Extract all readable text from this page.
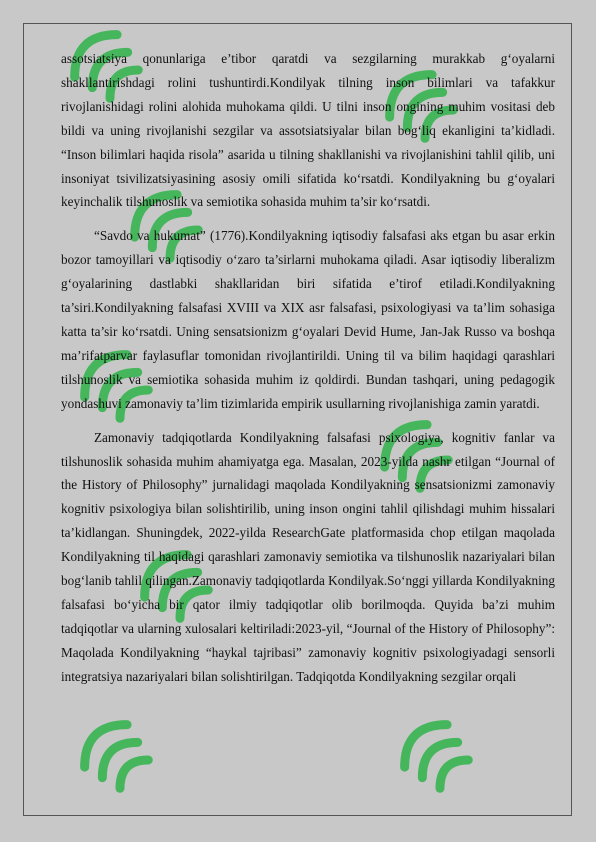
assotsiatsiya qonunlariga e’tibor qaratdi va sezgilarning murakkab g‘oyalarni shakllantirishdagi rolini tushuntirdi.Kondilyak tilning inson bilimlari va tafakkur rivojlanishidagi rolini alohida muhokama qildi. U tilni inson ongining muhim vositasi deb bildi va uning rivojlanishi sezgilar va assotsiatsiyalar bilan bog‘liq ekanligini ta’kidladi. “Inson bilimlari haqida risola” asarida u tilning shakllanishi va rivojlanishini tahlil qilib, uni insoniyat tsivilizatsiyasining asosiy omili sifatida ko‘rsatdi. Kondilyakning bu g‘oyalari keyinchalik tilshunoslik va semiotika sohasida muhim ta’sir ko‘rsatdi.

“Savdo va hukumat” (1776).Kondilyakning iqtisodiy falsafasi aks etgan bu asar erkin bozor tamoyillari va iqtisodiy o‘zaro ta’sirlarni muhokama qiladi. Asar iqtisodiy liberalizm g‘oyalarining dastlabki shakllaridan biri sifatida e’tirof etiladi.Kondilyakning ta’siri.Kondilyakning falsafasi XVIII va XIX asr falsafasi, psixologiyasi va ta’lim sohasiga katta ta’sir ko‘rsatdi. Uning sensatsionizm g‘oyalari Devid Hume, Jan-Jak Russo va boshqa ma’rifatparvar faylasuflar tomonidan rivojlantirildi. Uning til va bilim haqidagi qarashlari tilshunoslik va semiotika sohasida muhim iz qoldirdi. Bundan tashqari, uning pedagogik yondashuvi zamonaviy ta’lim tizimlarida empirik usullarning rivojlanishiga zamin yaratdi.

Zamonaviy tadqiqotlarda Kondilyakning falsafasi psixologiya, kognitiv fanlar va tilshunoslik sohasida muhim ahamiyatga ega. Masalan, 2023-yilda nashr etilgan “Journal of the History of Philosophy” jurnalidagi maqolada Kondilyakning sensatsionizmi zamonaviy kognitiv psixologiya bilan solishtirilib, uning inson ongini tahlil qilishdagi muhim hissalari ta’kidlangan. Shuningdek, 2022-yilda ResearchGate platformasida chop etilgan maqolada Kondilyakning til haqidagi qarashlari zamonaviy semiotika va tilshunoslik nazariyalari bilan bog‘lanib tahlil qilingan.Zamonaviy tadqiqotlarda Kondilyak.So‘nggi yillarda Kondilyakning falsafasi bo‘yicha bir qator ilmiy tadqiqotlar olib borilmoqda. Quyida ba’zi muhim tadqiqotlar va ularning xulosalari keltiriladi:2023-yil, “Journal of the History of Philosophy”: Maqolada Kondilyakning “haykal tajribasi” zamonaviy kognitiv psixologiyadagi sensorli integratsiya nazariyalari bilan solishtirilgan. Tadqiqotda Kondilyakning sezgilar orqali
